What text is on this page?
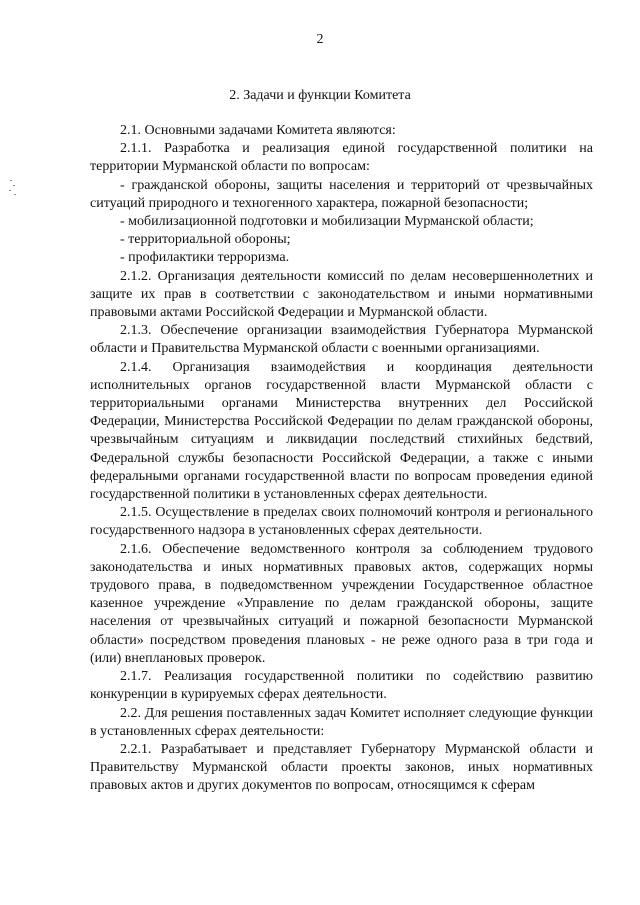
2
2. Задачи и функции Комитета

2.1. Основными задачами Комитета являются:

2.1.1. Разработка и реализация единой государственной политики на территории Мурманской области по вопросам:

- гражданской обороны, защиты населения и территорий от чрезвычайных ситуаций природного и техногенного характера, пожарной безопасности;

- мобилизационной подготовки и мобилизации Мурманской области;

- территориальной обороны;

- профилактики терроризма.

2.1.2. Организация деятельности комиссий по делам несовершеннолетних и защите их прав в соответствии с законодательством и иными нормативными правовыми актами Российской Федерации и Мурманской области.

2.1.3. Обеспечение организации взаимодействия Губернатора Мурманской области и Правительства Мурманской области с военными организациями.

2.1.4. Организация взаимодействия и координация деятельности исполнительных органов государственной власти Мурманской области с территориальными органами Министерства внутренних дел Российской Федерации, Министерства Российской Федерации по делам гражданской обороны, чрезвычайным ситуациям и ликвидации последствий стихийных бедствий, Федеральной службы безопасности Российской Федерации, а также с иными федеральными органами государственной власти по вопросам проведения единой государственной политики в установленных сферах деятельности.

2.1.5. Осуществление в пределах своих полномочий контроля и регионального государственного надзора в установленных сферах деятельности.

2.1.6. Обеспечение ведомственного контроля за соблюдением трудового законодательства и иных нормативных правовых актов, содержащих нормы трудового права, в подведомственном учреждении Государственное областное казенное учреждение «Управление по делам гражданской обороны, защите населения от чрезвычайных ситуаций и пожарной безопасности Мурманской области» посредством проведения плановых - не реже одного раза в три года и (или) внеплановых проверок.

2.1.7. Реализация государственной политики по содействию развитию конкуренции в курируемых сферах деятельности.

2.2. Для решения поставленных задач Комитет исполняет следующие функции в установленных сферах деятельности:

2.2.1. Разрабатывает и представляет Губернатору Мурманской области и Правительству Мурманской области проекты законов, иных нормативных правовых актов и других документов по вопросам, относящимся к сферам
